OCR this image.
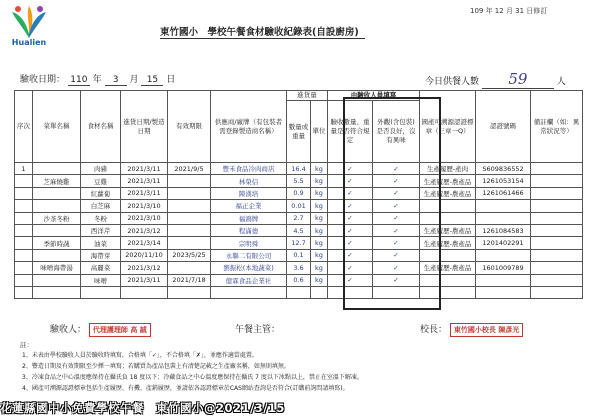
Hualien
109 年 12 月 31 日修訂
東竹國小　學校午餐食材驗收紀錄表(自設廚房)
驗收日期： 110 年 3 月 15 日	今日供餐人數 59	人
序次	菜單名稱	食材名稱	進貨日期/製造日期	有效期限	供應商/廠牌（有包裝者需登錄製造商名稱）	進貨量		由驗收人員填寫		國產可溯源認證標章（三章一Q）	認證號碼	備註欄（如：異常狀況等）
						數量或重量	單位	驗收數量、重量是否符合規定	外觀(含包裝)是否良好，沒有異味			
1		肉豬	2021/3/11	2021/9/5	豐禾食品冷肉商店	16.4	kg	✓	✓	生產履歷-產肉	S609836552	
	芝麻燒雞	豆雞	2021/3/11		林榮信	5.5	kg	✓	✓	生產履歷-農產品	1261053154	
		紅蘿蔔	2021/3/11		陳漢培	0.9	kg	✓	✓	生產履歷-農產品	1261061466	
		白芝麻	2021/3/10		福正企業	0.01	kg	✓	✓			
	沙茶冬粉	冬粉	2021/3/10		福鴻牌	2.7	kg	✓	✓			
		西洋芹	2021/3/12		程滿德	4.5	kg	✓	✓	生產履歷-農產品	1261084583	
	季節時蔬	油菜	2021/3/14		宗明舜	12.7	kg	✓	✓	生產履歷-農產品	1201402291	
		海帶芽	2020/11/10	2023/5/25	永聯二有限公司	0.1	kg	✓	✓			
	味噌海帶湯	高麗菜	2021/3/12		劉振松(本地蔬菜)	3.6	kg	✓	✓	生產履歷-農產品	1601009789	
		味噌	2021/3/11	2021/7/18	億霖食品企業社	0.6	kg	✓	✓			

驗收人： 代理護理師 高 誠	午餐主管：	校長： 東竹國小校長 陳彥光
註：
1、未表由學校驗收人員於驗收時填寫，合格填「✓」，不合格填「✗」，並應作適當處置。
2、豐造日期及有效期限至少擇一填寫；若購買為產品包裝上有清楚記載之生產廠名稱，如無則填無。
3、冷凍食品之中心溫度應保持在攝氏負 18 度以下；冷藏食品之中心溫度應保持在攝氏 7 度以下冰點以上，禁止在室溫下解凍。
4、國產可溯源認證標章包括生產履歷、有機、產銷履歷，並請依各認證標章於CAS網站查詢是否符合(訂購前詢問請填寫)。
花蓮縣國中小免費學校午餐　東竹國小@2021/3/15
